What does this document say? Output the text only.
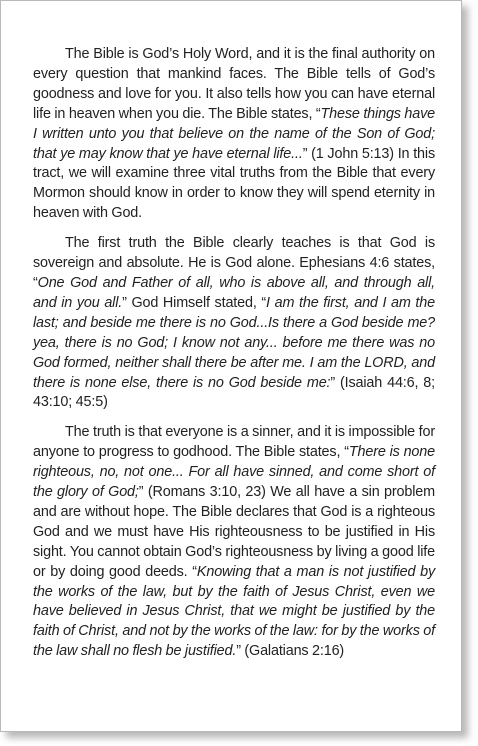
The Bible is God’s Holy Word, and it is the final authority on every question that mankind faces. The Bible tells of God’s goodness and love for you. It also tells how you can have eternal life in heaven when you die. The Bible states, “These things have I written unto you that believe on the name of the Son of God; that ye may know that ye have eternal life...” (1 John 5:13) In this tract, we will examine three vital truths from the Bible that every Mormon should know in order to know they will spend eternity in heaven with God.

The first truth the Bible clearly teaches is that God is sovereign and absolute. He is God alone. Ephesians 4:6 states, “One God and Father of all, who is above all, and through all, and in you all.” God Himself stated, “I am the first, and I am the last; and beside me there is no God...Is there a God beside me? yea, there is no God; I know not any... before me there was no God formed, neither shall there be after me. I am the LORD, and there is none else, there is no God beside me:” (Isaiah 44:6, 8; 43:10; 45:5)

The truth is that everyone is a sinner, and it is impossible for anyone to progress to godhood. The Bible states, “There is none righteous, no, not one... For all have sinned, and come short of the glory of God;” (Romans 3:10, 23) We all have a sin problem and are without hope. The Bible declares that God is a righteous God and we must have His righteousness to be justified in His sight. You cannot obtain God’s righteousness by living a good life or by doing good deeds. “Knowing that a man is not justified by the works of the law, but by the faith of Jesus Christ, even we have believed in Jesus Christ, that we might be justified by the faith of Christ, and not by the works of the law: for by the works of the law shall no flesh be justified.” (Galatians 2:16)
